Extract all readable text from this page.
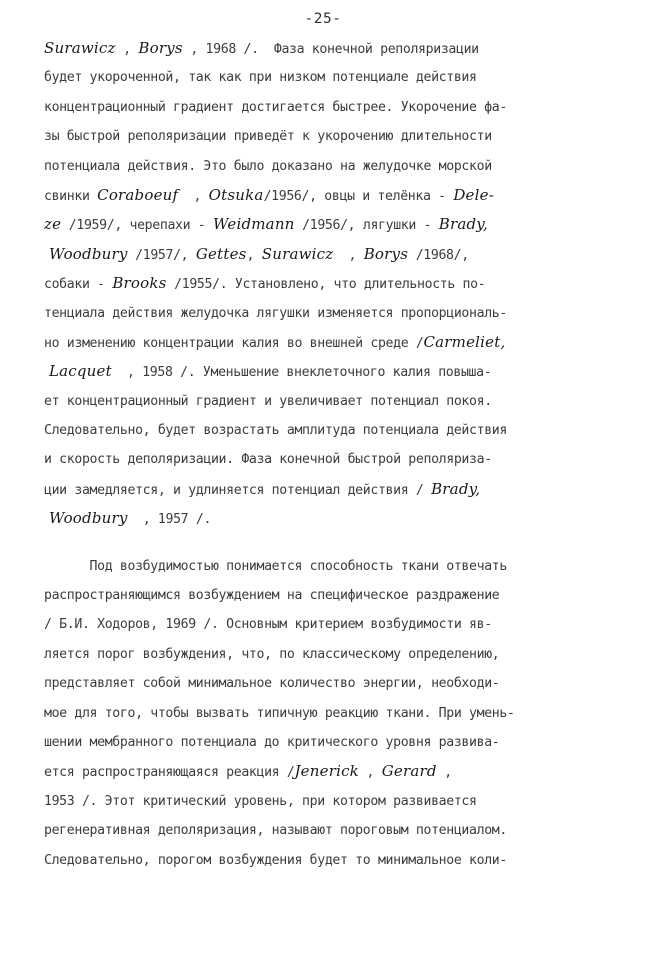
-25-
Surawicz , Borys , 1968 /.  Фаза конечной реполяризации
будет укороченной, так как при низком потенциале действия
концентрационный градиент достигается быстрее. Укорочение фа-
зы быстрой реполяризации приведёт к укорочению длительности
потенциала действия. Это было доказано на желудочке морской
свинки Coraboeuf  , Otsuka/1956/, овцы и телёнка - Dele-
ze /1959/, черепахи - Weidmann /1956/, лягушки - Brady,
Woodbury /1957/, Gettes, Surawicz  , Borys /1968/,
собаки - Brooks /1955/. Установлено, что длительность по-
тенциала действия желудочка лягушки изменяется пропорциональ-
но изменению концентрации калия во внешней среде /Carmeliet,
Lacquet  , 1958 /. Уменьшение внеклеточного калия повыша-
ет концентрационный градиент и увеличивает потенциал покоя.
Следовательно, будет возрастать амплитуда потенциала действия
и скорость деполяризации. Фаза конечной быстрой реполяризa-
ции замедляется, и удлиняется потенциал действия / Brady,
Woodbury  , 1957 /.
Под возбудимостью понимается способность ткани отвечать
распространяющимся возбуждением на специфическое раздражение
/ Б.И. Ходоров, 1969 /. Основным критерием возбудимости яв-
ляется порог возбуждения, что, по классическому определению,
представляет собой минимальное количество энергии, необходи-
мое для того, чтобы вызвать типичную реакцию ткани. При умень-
шении мембранного потенциала до критического уровня развива-
ется распространяющаяся реакция /Jenerick , Gerard ,
1953 /. Этот критический уровень, при котором развивается
регенеративная деполяризация, называют пороговым потенциалом.
Следовательно, порогом возбуждения будет то минимальное коли-
